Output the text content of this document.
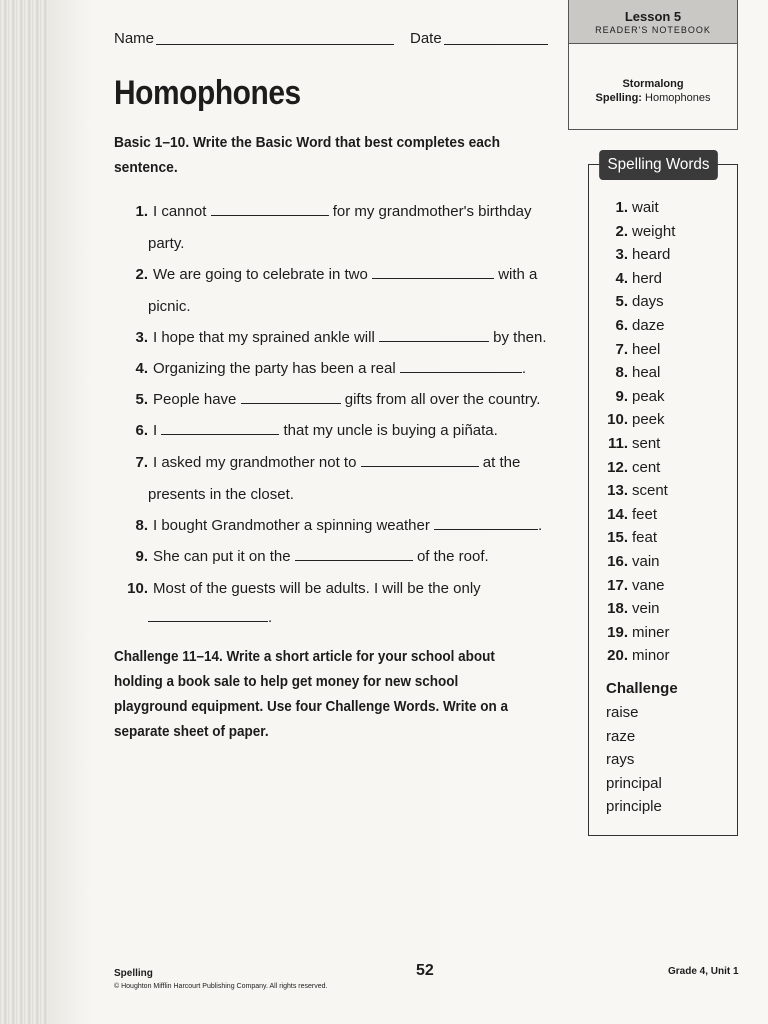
Name	Date
Lesson 5
READER'S NOTEBOOK
Stormalong
Spelling: Homophones
Homophones
Basic 1–10. Write the Basic Word that best completes each sentence.
1. I cannot	for my grandmother's birthday
party.
2. We are going to celebrate in two	with a
picnic.
3. I hope that my sprained ankle will	by then.
4. Organizing the party has been a real	.
5. People have	gifts from all over the country.
6. I	that my uncle is buying a piñata.
7. I asked my grandmother not to	at the
presents in the closet.
8. I bought Grandmother a spinning weather	.
9. She can put it on the	of the roof.
10. Most of the guests will be adults. I will be the only
.
Challenge 11–14. Write a short article for your school about holding a book sale to help get money for new school playground equipment. Use four Challenge Words. Write on a separate sheet of paper.
Spelling Words
1. wait
2. weight
3. heard
4. herd
5. days
6. daze
7. heel
8. heal
9. peak
10. peek
11. sent
12. cent
13. scent
14. feet
15. feat
16. vain
17. vane
18. vein
19. miner
20. minor
Challenge
raise
raze
rays
principal
principle
Spelling
© Houghton Mifflin Harcourt Publishing Company. All rights reserved.
52	Grade 4, Unit 1
